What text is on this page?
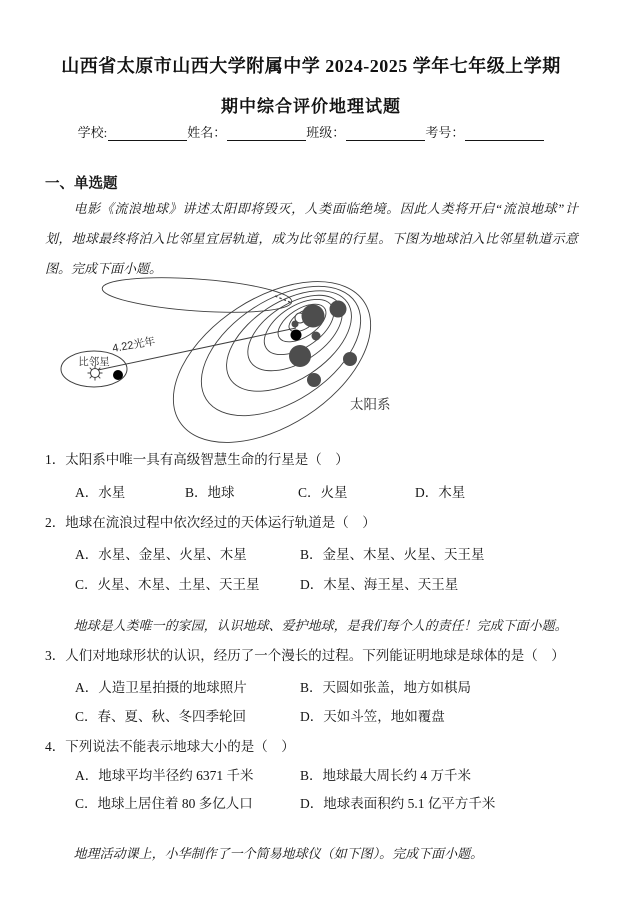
山西省太原市山西大学附属中学 2024-2025 学年七年级上学期
期中综合评价地理试题
学校:	姓名：	班级：	考号：
一、单选题

电影《流浪地球》讲述太阳即将毁灭，人类面临绝境。因此人类将开启“流浪地球”计划，地球最终将泊入比邻星宜居轨道，成为比邻星的行星。下图为地球泊入比邻星轨道示意图。完成下面小题。

比邻星
4.22光年
太阳系
1．太阳系中唯一具有高级智慧生命的行星是（　）
A．水星	B．地球	C．火星	D．木星
2．地球在流浪过程中依次经过的天体运行轨道是（　）
A．水星、金星、火星、木星	B．金星、木星、火星、天王星
C．火星、木星、土星、天王星	D．木星、海王星、天王星

地球是人类唯一的家园，认识地球、爱护地球，是我们每个人的责任！完成下面小题。

3．人们对地球形状的认识，经历了一个漫长的过程。下列能证明地球是球体的是（　）
A．人造卫星拍摄的地球照片	B．天圆如张盖，地方如棋局
C．春、夏、秋、冬四季轮回	D．天如斗笠，地如覆盘
4．下列说法不能表示地球大小的是（　）
A．地球平均半径约 6371 千米	B．地球最大周长约 4 万千米
C．地球上居住着 80 多亿人口	D．地球表面积约 5.1 亿平方千米

地理活动课上，小华制作了一个简易地球仪（如下图）。完成下面小题。
